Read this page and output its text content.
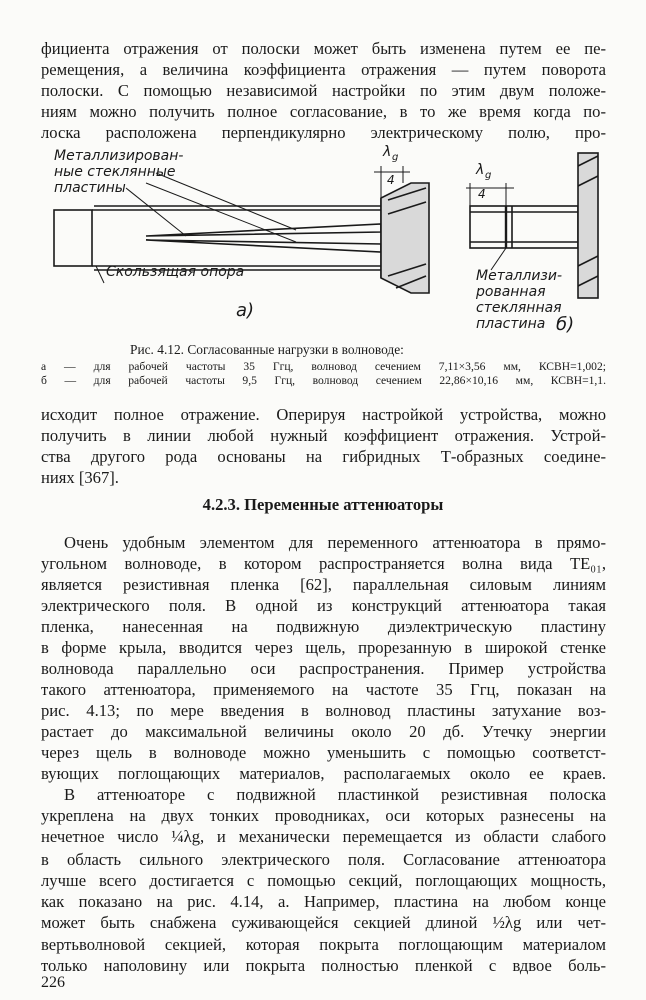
фициента отражения от полоски может быть изменена путем ее пе-
ремещения, а величина коэффициента отражения — путем поворота
полоски. С помощью независимой настройки по этим двум положе-
ниям можно получить полное согласование, в то же время когда по-
лоска расположена перпендикулярно электрическому полю, про-
Металлизирован-
ные стеклянные
пластины
Скользящая опора
λ g
4
а)
λ g
4
Металлизи-
рованная
стеклянная
пластина б)
Рис. 4.12. Согласованные нагрузки в волноводе:
а — для рабочей частоты 35 Ггц, волновод сечением 7,11×3,56 мм, КСВН=1,002;
б — для рабочей частоты 9,5 Ггц, волновод сечением 22,86×10,16 мм, КСВН=1,1.
исходит полное отражение. Оперируя настройкой устройства, можно
получить в линии любой нужный коэффициент отражения. Устрой-
ства другого рода основаны на гибридных Т-образных соедине-
ниях [367].
4.2.3. Переменные аттенюаторы
Очень удобным элементом для переменного аттенюатора в прямо-
угольном волноводе, в котором распространяется волна вида TE₀₁,
является резистивная пленка [62], параллельная силовым линиям
электрического поля. В одной из конструкций аттенюатора такая
пленка, нанесенная на подвижную диэлектрическую пластину
в форме крыла, вводится через щель, прорезанную в широкой стенке
волновода параллельно оси распространения. Пример устройства
такого аттенюатора, применяемого на частоте 35 Ггц, показан на
рис. 4.13; по мере введения в волновод пластины затухание воз-
растает до максимальной величины около 20 дб. Утечку энергии
через щель в волноводе можно уменьшить с помощью соответст-
вующих поглощающих материалов, располагаемых около ее краев.
В аттенюаторе с подвижной пластинкой резистивная полоска
укреплена на двух тонких проводниках, оси которых разнесены на
нечетное число ¼λg, и механически перемещается из области слабого
в область сильного электрического поля. Согласование аттенюатора
лучше всего достигается с помощью секций, поглощающих мощность,
как показано на рис. 4.14, а. Например, пластина на любом конце
может быть снабжена суживающейся секцией длиной ½λg или чет-
вертьволновой секцией, которая покрыта поглощающим материалом
только наполовину или покрыта полностью пленкой с вдвое боль-
226
